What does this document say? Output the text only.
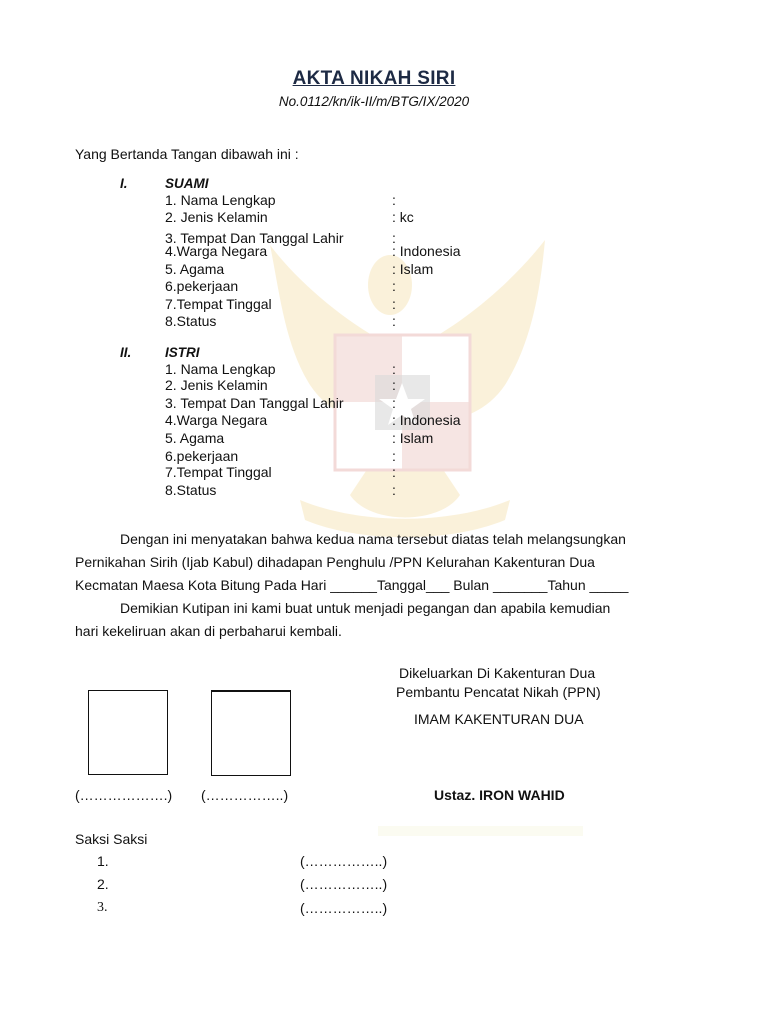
AKTA NIKAH SIRI
No.0112/kn/ik-II/m/BTG/IX/2020
Yang Bertanda Tangan dibawah ini :
I.	SUAMI
1. Nama Lengkap	:
2. Jenis Kelamin	: kc
3. Tempat Dan Tanggal Lahir	:
4.Warga Negara	: Indonesia
5. Agama	: Islam
6.pekerjaan	:
7.Tempat Tinggal	:
8.Status	:
II. ISTRI
1. Nama Lengkap	:
2. Jenis Kelamin	:
3. Tempat Dan Tanggal Lahir	:
4.Warga Negara	: Indonesia
5. Agama	: Islam
6.pekerjaan	:
7.Tempat Tinggal	:
8.Status	:
Dengan ini menyatakan bahwa kedua nama tersebut diatas telah melangsungkan
Pernikahan Sirih (Ijab Kabul) dihadapan Penghulu /PPN Kelurahan Kakenturan Dua
Kecmatan Maesa Kota Bitung Pada Hari ______Tanggal___ Bulan _______Tahun _____
Demikian Kutipan ini kami buat untuk menjadi pegangan dan apabila kemudian
hari kekeliruan akan di perbaharui kembali.
Dikeluarkan Di Kakenturan Dua
Pembantu Pencatat Nikah (PPN)
IMAM KAKENTURAN DUA
Ustaz. IRON WAHID
(……………….) (……………..)
Saksi Saksi
1.	(……………..)
2.	(……………..)
3.	(……………..)
